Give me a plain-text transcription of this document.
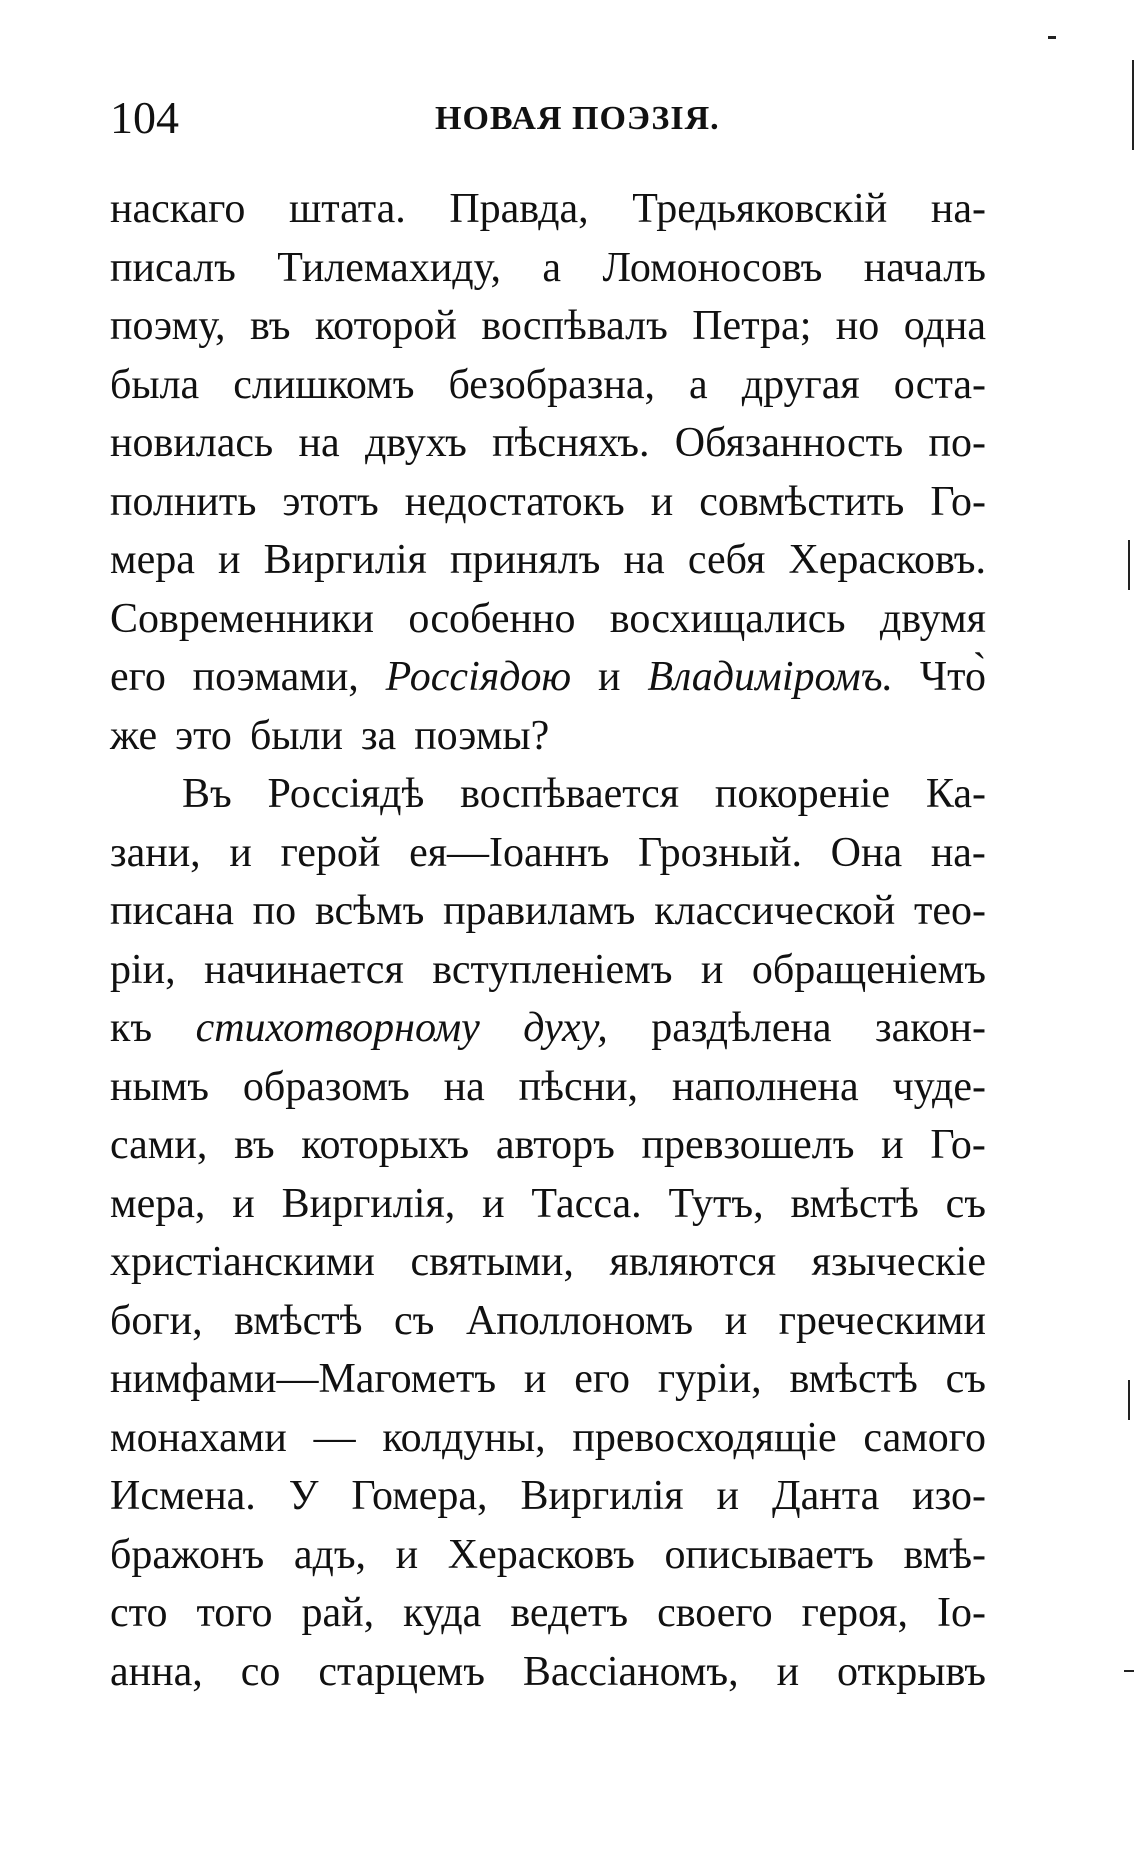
104	НОВАЯ ПОЭЗІЯ.
наскаго штата. Правда, Тредьяковскій на-
писалъ Тилемахиду, а Ломоносовъ началъ
поэму, въ которой воспѣвалъ Петра; но одна
была слишкомъ безобразна, а другая оста-
новилась на двухъ пѣсняхъ. Обязанность по-
полнить этотъ недостатокъ и совмѣстить Го-
мера и Виргилія принялъ на себя Херасковъ.
Современники особенно восхищались двумя
его поэмами, Россіядою и Владиміромъ. Что̀
же это были за поэмы?
Въ Россіядѣ воспѣвается покореніе Ка-
зани, и герой ея—Іоаннъ Грозный. Она на-
писана по всѣмъ правиламъ классической тео-
ріи, начинается вступленіемъ и обращеніемъ
къ стихотворному духу, раздѣлена закон-
нымъ образомъ на пѣсни, наполнена чуде-
сами, въ которыхъ авторъ превзошелъ и Го-
мера, и Виргилія, и Тасса. Тутъ, вмѣстѣ съ
христіанскими святыми, являются языческіе
боги, вмѣстѣ съ Аполлономъ и греческими
нимфами—Магометъ и его гуріи, вмѣстѣ съ
монахами — колдуны, превосходящіе самого
Исмена. У Гомера, Виргилія и Данта изо-
бражонъ адъ, и Херасковъ описываетъ вмѣ-
сто того рай, куда ведетъ своего героя, Іо-
анна, со старцемъ Вассіаномъ, и открывъ
